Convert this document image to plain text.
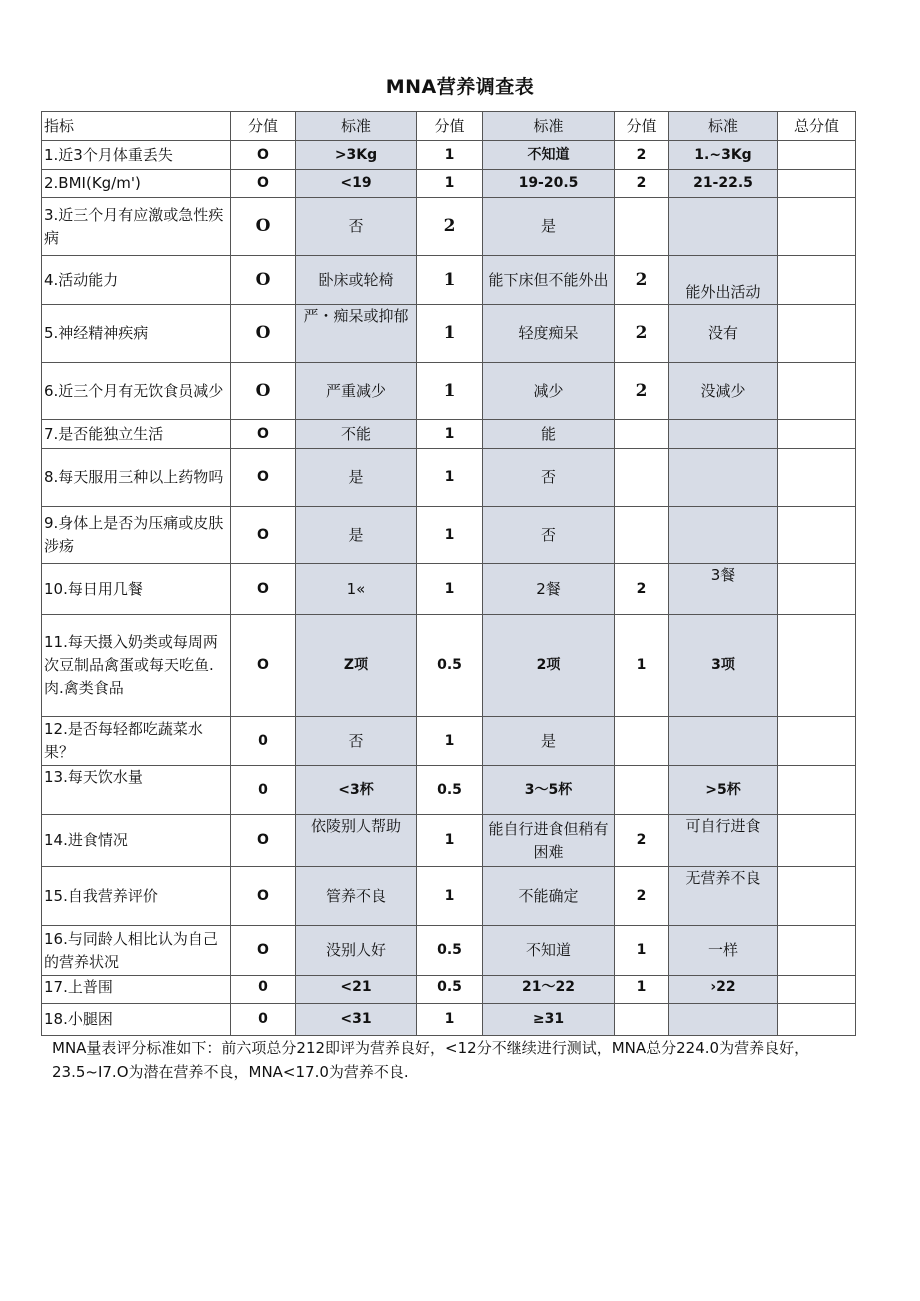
MNA营养调查表
指标	分值	标准	分值	标准	分值	标准	总分值
1.近3个月体重丢失	O	>3Kg	1	不知道	2	1.~3Kg	
2.BMI(Kg/m')	O	<19	1	19-20.5	2	21-22.5	
3.近三个月有应激或急性疾病	O	否	2	是			
4.活动能力	O	卧床或轮椅	1	能下床但不能外出	2	能外出活动	
5.神经精神疾病	O	严・痴呆或抑郁	1	轻度痴呆	2	没有	
6.近三个月有无饮食员减少	O	严重减少	1	减少	2	没减少	
7.是否能独立生活	O	不能	1	能			
8.每天服用三种以上药物吗	O	是	1	否			
9.身体上是否为压痛或皮肤涉疡	O	是	1	否			
10.每日用几餐	O	1«	1	2餐	2	3餐	
11.每天摄入奶类或每周两次豆制品禽蛋或每天吃鱼.肉.禽类食品	O	Z项	0.5	2项	1	3项	
12.是否每轻都吃蔬菜水果？	0	否	1	是			
13.每天饮水量	0	<3杯	0.5	3～5杯		>5杯	
14.进食情况	O	依陵别人帮助	1	能自行进食但稍有困难	2	可自行进食	
15.自我营养评价	O	管养不良	1	不能确定	2	无营养不良	
16.与同龄人相比认为自己的营养状况	O	没别人好	0.5	不知道	1	一样	
17.上普围	0	<21	0.5	21～22	1	›22	
18.小腿困	0	<31	1	≥31			
MNA量表评分标准如下：前六项总分212即评为营养良好，<12分不继续进行测试，MNA总分224.0为营养良好，23.5~I7.O为潜在营养不良，MNA<17.0为营养不良.
